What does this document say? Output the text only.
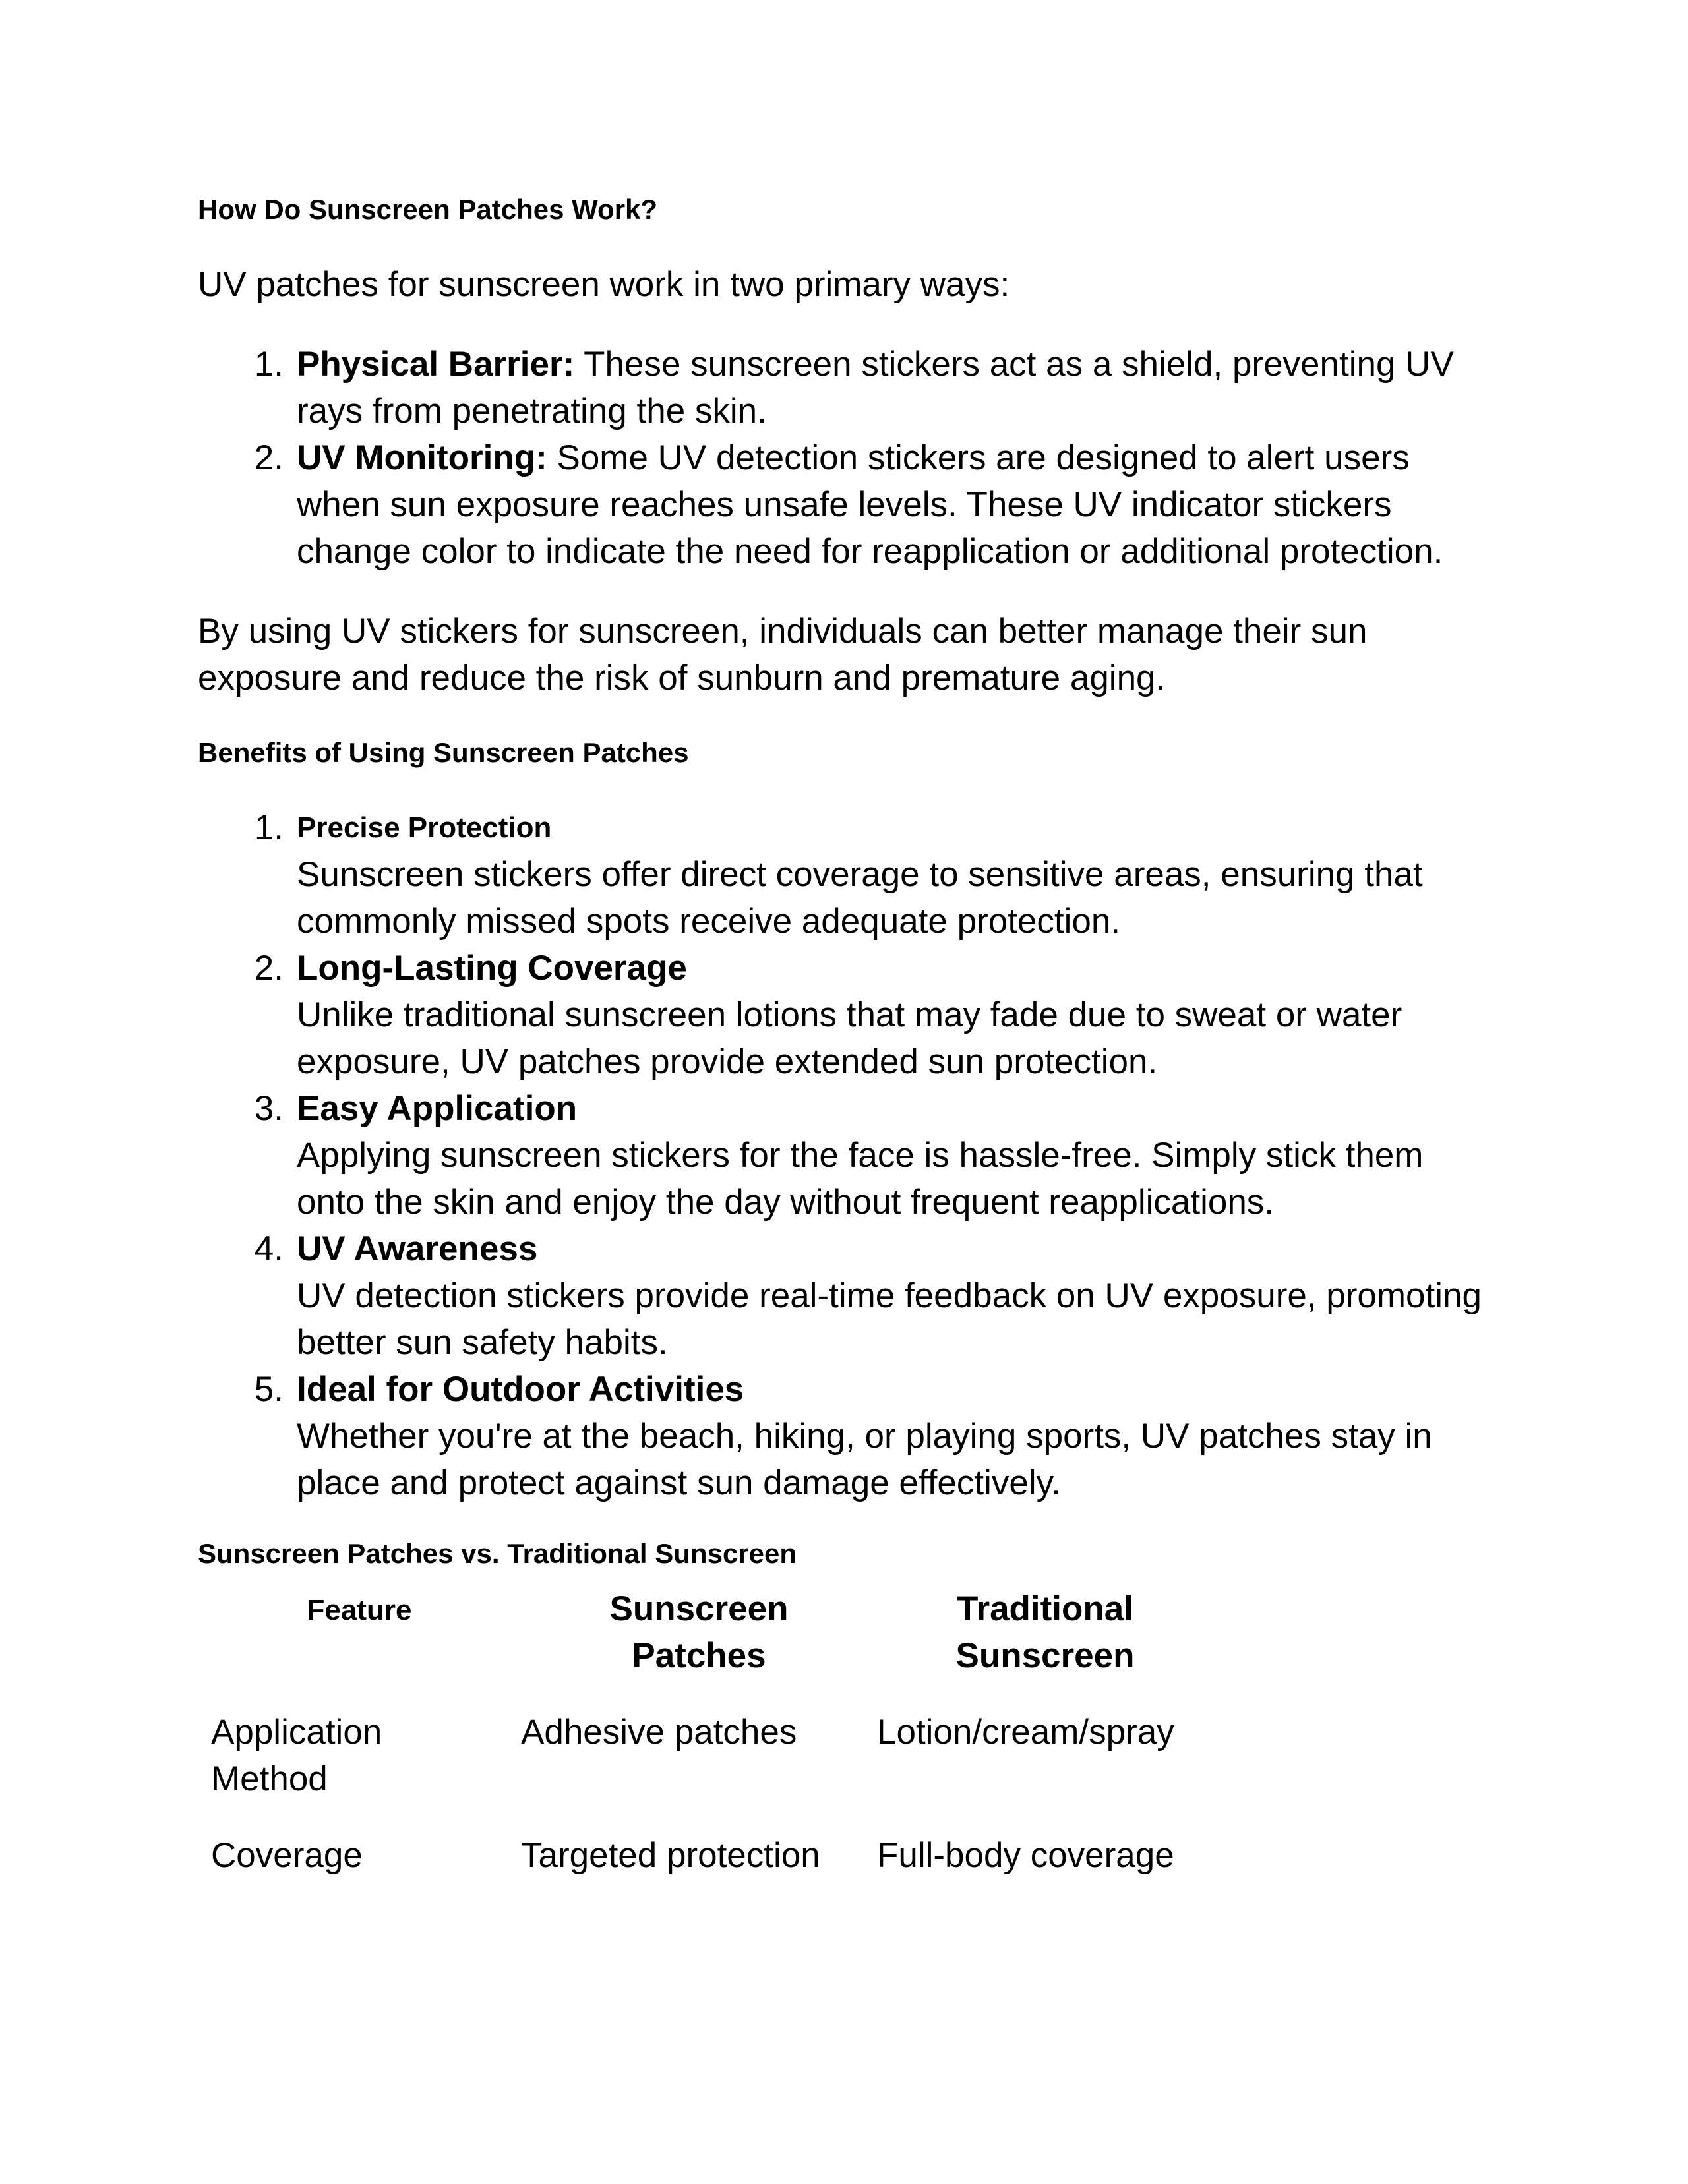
How Do Sunscreen Patches Work?

UV patches for sunscreen work in two primary ways:

1. Physical Barrier: These sunscreen stickers act as a shield, preventing UV rays from penetrating the skin.
2. UV Monitoring: Some UV detection stickers are designed to alert users when sun exposure reaches unsafe levels. These UV indicator stickers change color to indicate the need for reapplication or additional protection.

By using UV stickers for sunscreen, individuals can better manage their sun exposure and reduce the risk of sunburn and premature aging.

Benefits of Using Sunscreen Patches
1. Precise Protection
Sunscreen stickers offer direct coverage to sensitive areas, ensuring that commonly missed spots receive adequate protection.
2. Long-Lasting Coverage
Unlike traditional sunscreen lotions that may fade due to sweat or water exposure, UV patches provide extended sun protection.
3. Easy Application
Applying sunscreen stickers for the face is hassle-free. Simply stick them onto the skin and enjoy the day without frequent reapplications.
4. UV Awareness
UV detection stickers provide real-time feedback on UV exposure, promoting better sun safety habits.
5. Ideal for Outdoor Activities
Whether you're at the beach, hiking, or playing sports, UV patches stay in place and protect against sun damage effectively.
Sunscreen Patches vs. Traditional Sunscreen
Feature	Sunscreen Patches	Traditional Sunscreen
Application Method	Adhesive patches	Lotion/cream/spray
Coverage	Targeted protection	Full-body coverage
